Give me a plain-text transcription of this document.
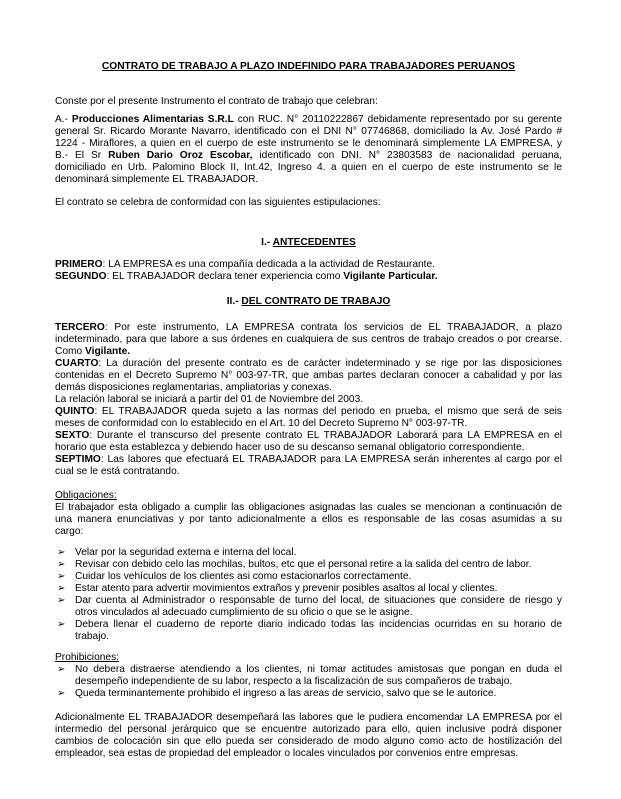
CONTRATO DE TRABAJO A PLAZO INDEFINIDO PARA TRABAJADORES PERUANOS

Conste por el presente Instrumento el contrato de trabajo que celebran:

A.- Producciones Alimentarias S.R.L con RUC. N° 20110222867 debidamente representado por su gerente

general Sr. Ricardo Morante Navarro, identificado con el DNI N° 07746868, domiciliado la Av. José Pardo #

1224 - Miraflores, a quien en el cuerpo de este instrumento se le denominará simplemente LA EMPRESA, y

B.- El Sr Ruben Dario Oroz Escobar, identificado con DNI. N° 23803583 de nacionalidad peruana,

domiciliado en Urb. Palomino Block II, Int.42, Ingreso 4. a quien en el cuerpo de este instrumento se le

denominará simplemente EL TRABAJADOR.

El contrato se celebra de conformidad con las siguientes estipulaciones:

I.- ANTECEDENTES

PRIMERO: LA EMPRESA es una compañía dedicada a la actividad de Restaurante.

SEGUNDO: EL TRABAJADOR declara tener experiencia como Vigilante Particular.

II.- DEL CONTRATO DE TRABAJO

TERCERO: Por este instrumento, LA EMPRESA contrata los servicios de EL TRABAJADOR, a plazo

indeterminado, para que labore a sus órdenes en cualquiera de sus centros de trabajo creados o por crearse.

Como Vigilante.

CUARTO: La duración del presente contrato es de carácter indeterminado y se rige por las disposiciones

contenidas en el Decreto Supremo N° 003-97-TR, que ambas partes declaran conocer a cabalidad y por las

demás disposiciones reglamentarias, ampliatorias y conexas.

La relación laboral se iniciará a partir del 01 de Noviembre del 2003.

QUINTO: EL TRABAJADOR queda sujeto a las normas del periodo en prueba, el mismo que será de seis

meses de conformidad con lo establecido en el Art. 10 del Decreto Supremo N° 003-97-TR.

SEXTO: Durante el transcurso del presente contrato EL TRABAJADOR Laborará para LA EMPRESA en el

horario que esta establezca y debiendo hacer uso de su descanso semanal obligatorio correspondiente.

SEPTIMO: Las labores que efectuará EL TRABAJADOR para LA EMPRESA serán inherentes al cargo por el

cual se le está contratando.

Obligaciones:

El trabajador esta obligado a cumplir las obligaciones asignadas las cuales se mencionan a continuación de

una manera enunciativas y por tanto adicionalmente a ellos es responsable de las cosas asumidas a su

cargo:

➢ Velar por la seguridad externa e interna del local.

➢ Revisar con debido celo las mochilas, bultos, etc que el personal retire a la salida del centro de labor.

➢ Cuidar los vehículos de los clientes asi como estacionarlos correctamente.

➢ Estar atento para advertir movimientos extraños y prevenir posibles asaltos al local y clientes.

➢ Dar cuenta al Administrador o responsable de turno del local, de situaciones que considere de riesgo y

otros vinculados al adecuado cumplimiento de su oficio o que se le asigne.

➢ Debera llenar el cuaderno de reporte diario indicado todas las incidencias ocurridas en su horario de

trabajo.

Prohibiciones:

➢ No debera distraerse atendiendo a los clientes, ni tomar actitudes amistosas que pongan en duda el

desempeño independiente de su labor, respecto a la fiscalización de sus compañeros de trabajo.

➢ Queda terminantemente prohibido el ingreso a las areas de servicio, salvo que se le autorice.

Adicionalmente EL TRABAJADOR desempeñará las labores que le pudiera encomendar LA EMPRESA por el

intermedio del personal jerárquico que se encuentre autorizado para ello, quien inclusive podrá disponer

cambios de colocación sin que ello pueda ser considerado de modo alguno como acto de hostilización del

empleador, sea estas de propiedad del empleador o locales vinculados por convenios entre empresas.
